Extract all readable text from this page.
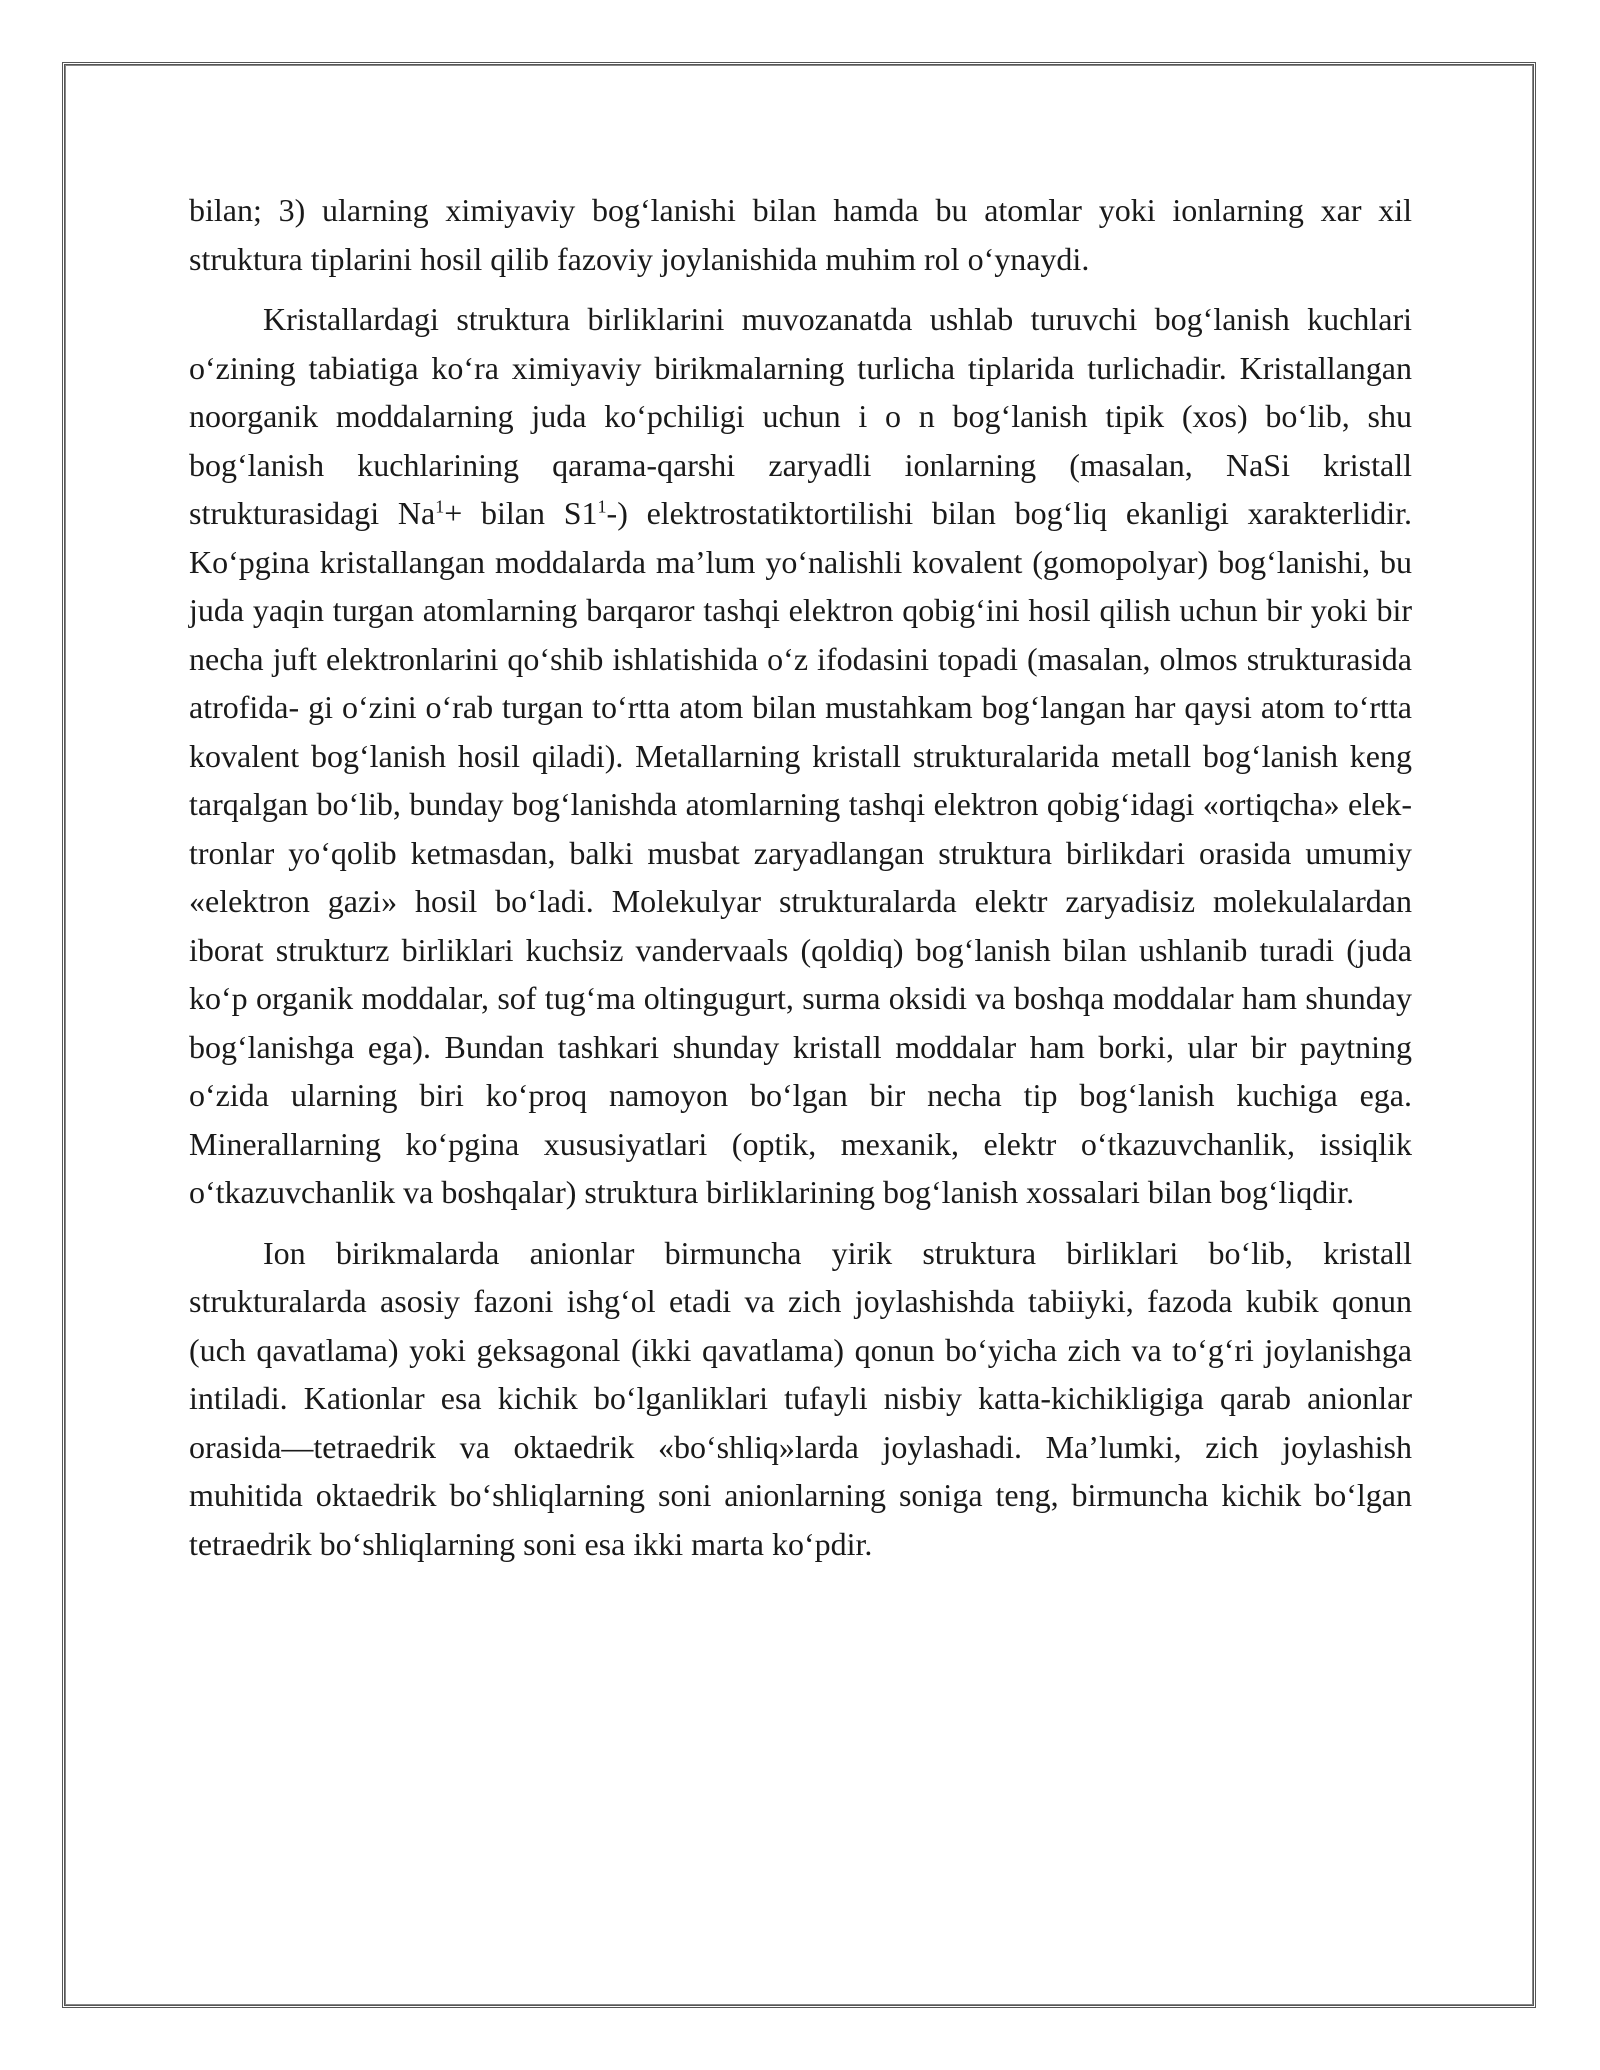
bilan; 3) ularning ximiyaviy bog‘lanishi bilan hamda bu atomlar yoki ionlarning xar xil struktura tiplarini hosil qilib fazoviy joylanishida muhim rol o‘ynaydi.

Kristallardagi struktura birliklarini muvozanatda ushlab turuvchi bog‘lanish kuchlari o‘zining tabiatiga ko‘ra ximiyaviy birikmalarning turlicha tiplarida turlichadir. Kristallangan noorganik moddalarning juda ko‘pchiligi uchun i o n bog‘lanish tipik (xos) bo‘lib, shu bog‘lanish kuchlarining qarama-qarshi zaryadli ionlarning (masalan, NaSi kristall strukturasidagi $Na^1+$ bilan $S1^1-$) elektrostatiktortilishi bilan bog‘liq ekanligi xarakterlidir. Ko‘pgina kristallangan moddalarda ma’lum yo‘nalishli kovalent (gomopolyar) bog‘lanishi, bu juda yaqin turgan atomlarning barqaror tashqi elektron qobig‘ini hosil qilish uchun bir yoki bir necha juft elektronlarini qo‘shib ishlatishida o‘z ifodasini topadi (masalan, olmos strukturasida atrofida- gi o‘zini o‘rab turgan to‘rtta atom bilan mustahkam bog‘langan har qaysi atom to‘rtta kovalent bog‘lanish hosil qiladi). Metallarning kristall strukturalarida metall bog‘lanish keng tarqalgan bo‘lib, bunday bog‘lanishda atomlarning tashqi elektron qobig‘idagi «ortiqcha» elek- tronlar yo‘qolib ketmasdan, balki musbat zaryadlangan struktura birlikdari orasida umumiy «elektron gazi» hosil bo‘ladi. Molekulyar strukturalarda elektr zaryadisiz molekulalardan iborat strukturz birliklari kuchsiz vandervaals (qoldiq) bog‘lanish bilan ushlanib turadi (juda ko‘p organik moddalar, sof tug‘ma oltingugurt, surma oksidi va boshqa moddalar ham shunday bog‘lanishga ega). Bundan tashkari shunday kristall moddalar ham borki, ular bir paytning o‘zida ularning biri ko‘proq namoyon bo‘lgan bir necha tip bog‘lanish kuchiga ega. Minerallarning ko‘pgina xususiyatlari (optik, mexanik, elektr o‘tkazuvchanlik, issiqlik o‘tkazuvchanlik va boshqalar) struktura birliklarining bog‘lanish xossalari bilan bog‘liqdir.

Ion birikmalarda anionlar birmuncha yirik struktura birliklari bo‘lib, kristall strukturalarda asosiy fazoni ishg‘ol etadi va zich joylashishda tabiiyki, fazoda kubik qonun (uch qavatlama) yoki geksagonal (ikki qavatlama) qonun bo‘yicha zich va to‘g‘ri joylanishga intiladi. Kationlar esa kichik bo‘lganliklari tufayli nisbiy katta-kichikligiga qarab anionlar orasida—tetraedrik va oktaedrik «bo‘shliq»larda joylashadi. Ma’lumki, zich joylashish muhitida oktaedrik bo‘shliqlarning soni anionlarning soniga teng, birmuncha kichik bo‘lgan tetraedrik bo‘shliqlarning soni esa ikki marta ko‘pdir.
